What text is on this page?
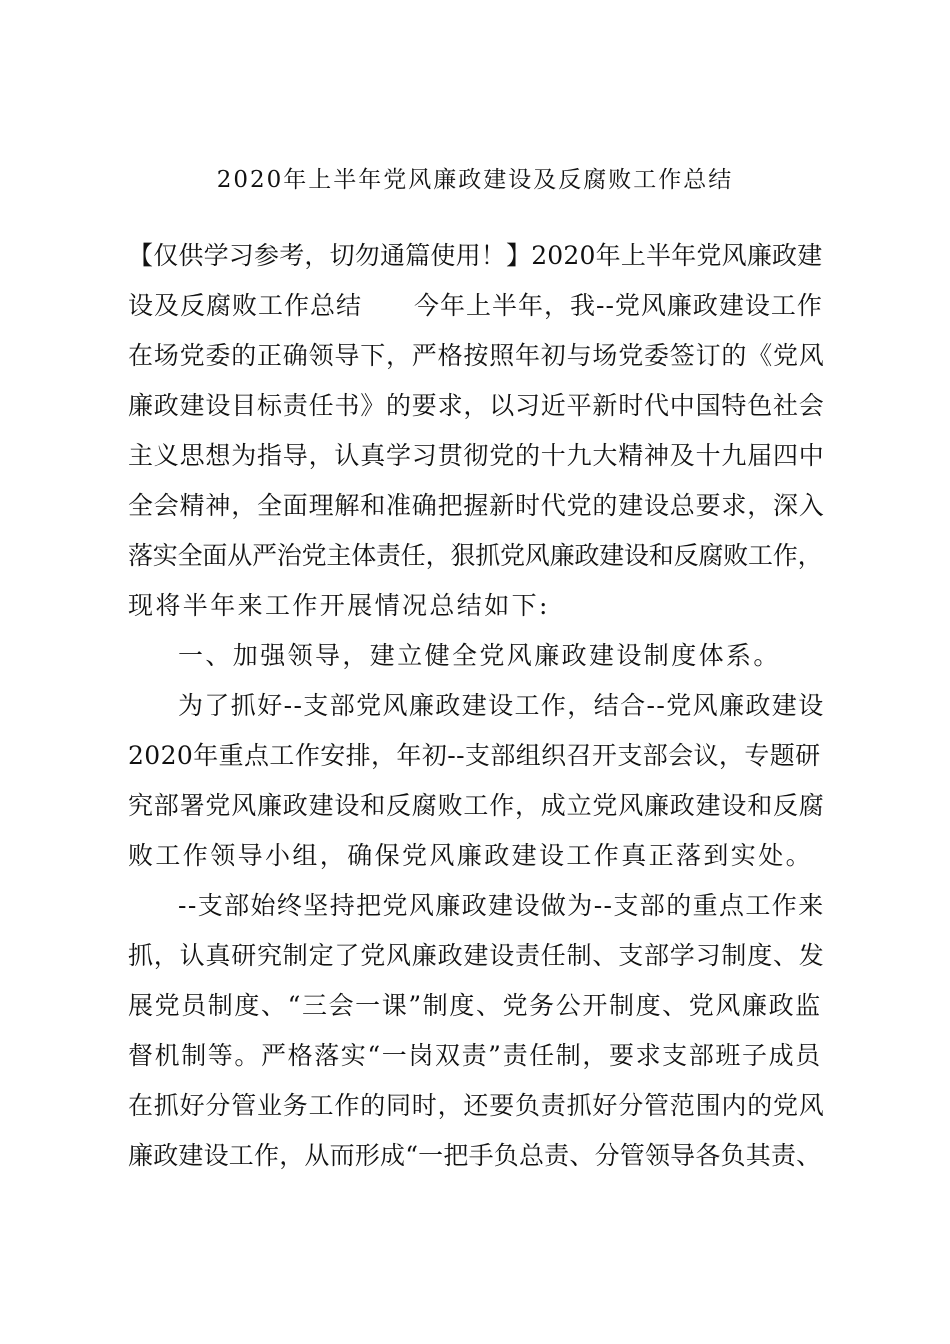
2020年上半年党风廉政建设及反腐败工作总结
【仅供学习参考，切勿通篇使用！】2020年上半年党风廉政建
设及反腐败工作总结　　今年上半年，我--党风廉政建设工作
在场党委的正确领导下，严格按照年初与场党委签订的《党风
廉政建设目标责任书》的要求，以习近平新时代中国特色社会
主义思想为指导，认真学习贯彻党的十九大精神及十九届四中
全会精神，全面理解和准确把握新时代党的建设总要求，深入
落实全面从严治党主体责任，狠抓党风廉政建设和反腐败工作，
现将半年来工作开展情况总结如下:
一、加强领导，建立健全党风廉政建设制度体系。
为了抓好--支部党风廉政建设工作，结合--党风廉政建设
2020年重点工作安排，年初--支部组织召开支部会议，专题研
究部署党风廉政建设和反腐败工作，成立党风廉政建设和反腐
败工作领导小组，确保党风廉政建设工作真正落到实处。
--支部始终坚持把党风廉政建设做为--支部的重点工作来
抓，认真研究制定了党风廉政建设责任制、支部学习制度、发
展党员制度、“三会一课”制度、党务公开制度、党风廉政监
督机制等。严格落实“一岗双责”责任制，要求支部班子成员
在抓好分管业务工作的同时，还要负责抓好分管范围内的党风
廉政建设工作，从而形成“一把手负总责、分管领导各负其责、
